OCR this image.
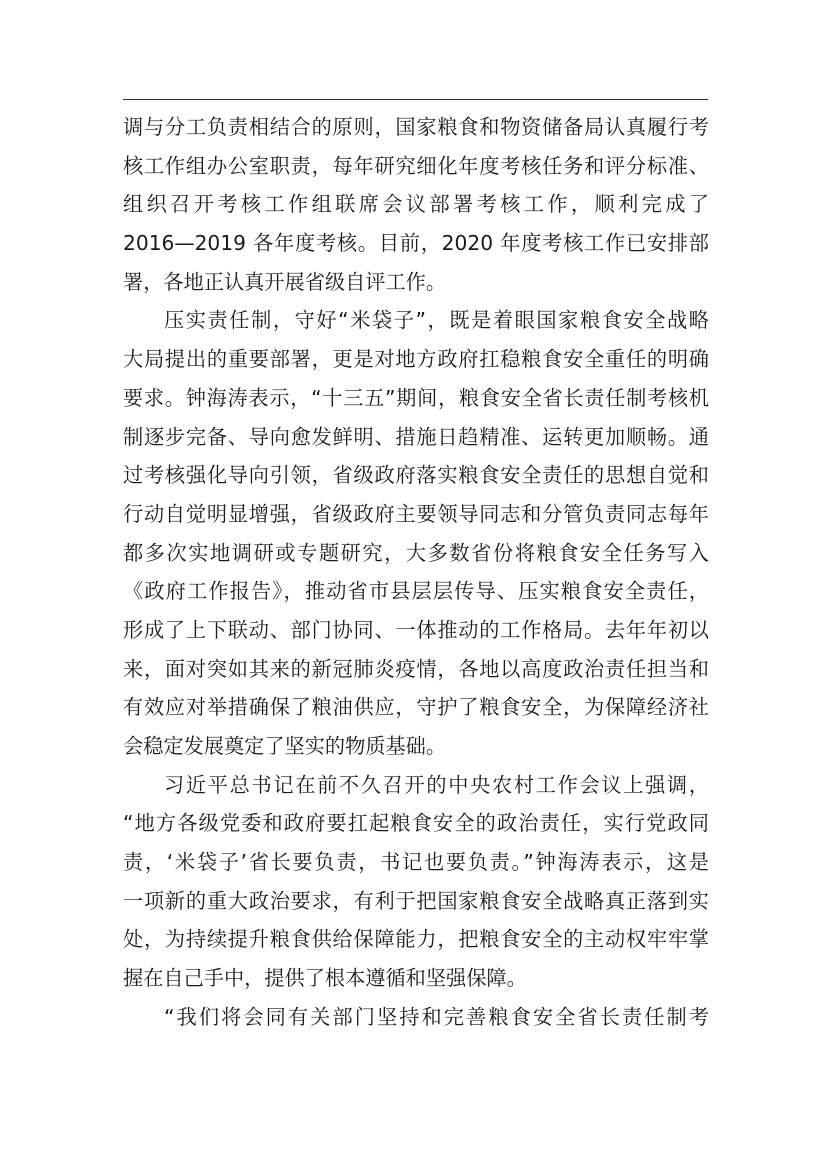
调与分工负责相结合的原则，国家粮食和物资储备局认真履行考
核工作组办公室职责，每年研究细化年度考核任务和评分标准、
组织召开考核工作组联席会议部署考核工作，顺利完成了
2016—2019 各年度考核。目前，2020 年度考核工作已安排部
署，各地正认真开展省级自评工作。
压实责任制，守好“米袋子”，既是着眼国家粮食安全战略
大局提出的重要部署，更是对地方政府扛稳粮食安全重任的明确
要求。钟海涛表示，“十三五”期间，粮食安全省长责任制考核机
制逐步完备、导向愈发鲜明、措施日趋精准、运转更加顺畅。通
过考核强化导向引领，省级政府落实粮食安全责任的思想自觉和
行动自觉明显增强，省级政府主要领导同志和分管负责同志每年
都多次实地调研或专题研究，大多数省份将粮食安全任务写入
《政府工作报告》，推动省市县层层传导、压实粮食安全责任，
形成了上下联动、部门协同、一体推动的工作格局。去年年初以
来，面对突如其来的新冠肺炎疫情，各地以高度政治责任担当和
有效应对举措确保了粮油供应，守护了粮食安全，为保障经济社
会稳定发展奠定了坚实的物质基础。
习近平总书记在前不久召开的中央农村工作会议上强调，
“地方各级党委和政府要扛起粮食安全的政治责任，实行党政同
责，‘米袋子’省长要负责，书记也要负责。”钟海涛表示，这是
一项新的重大政治要求，有利于把国家粮食安全战略真正落到实
处，为持续提升粮食供给保障能力，把粮食安全的主动权牢牢掌
握在自己手中，提供了根本遵循和坚强保障。
“我们将会同有关部门坚持和完善粮食安全省长责任制考
